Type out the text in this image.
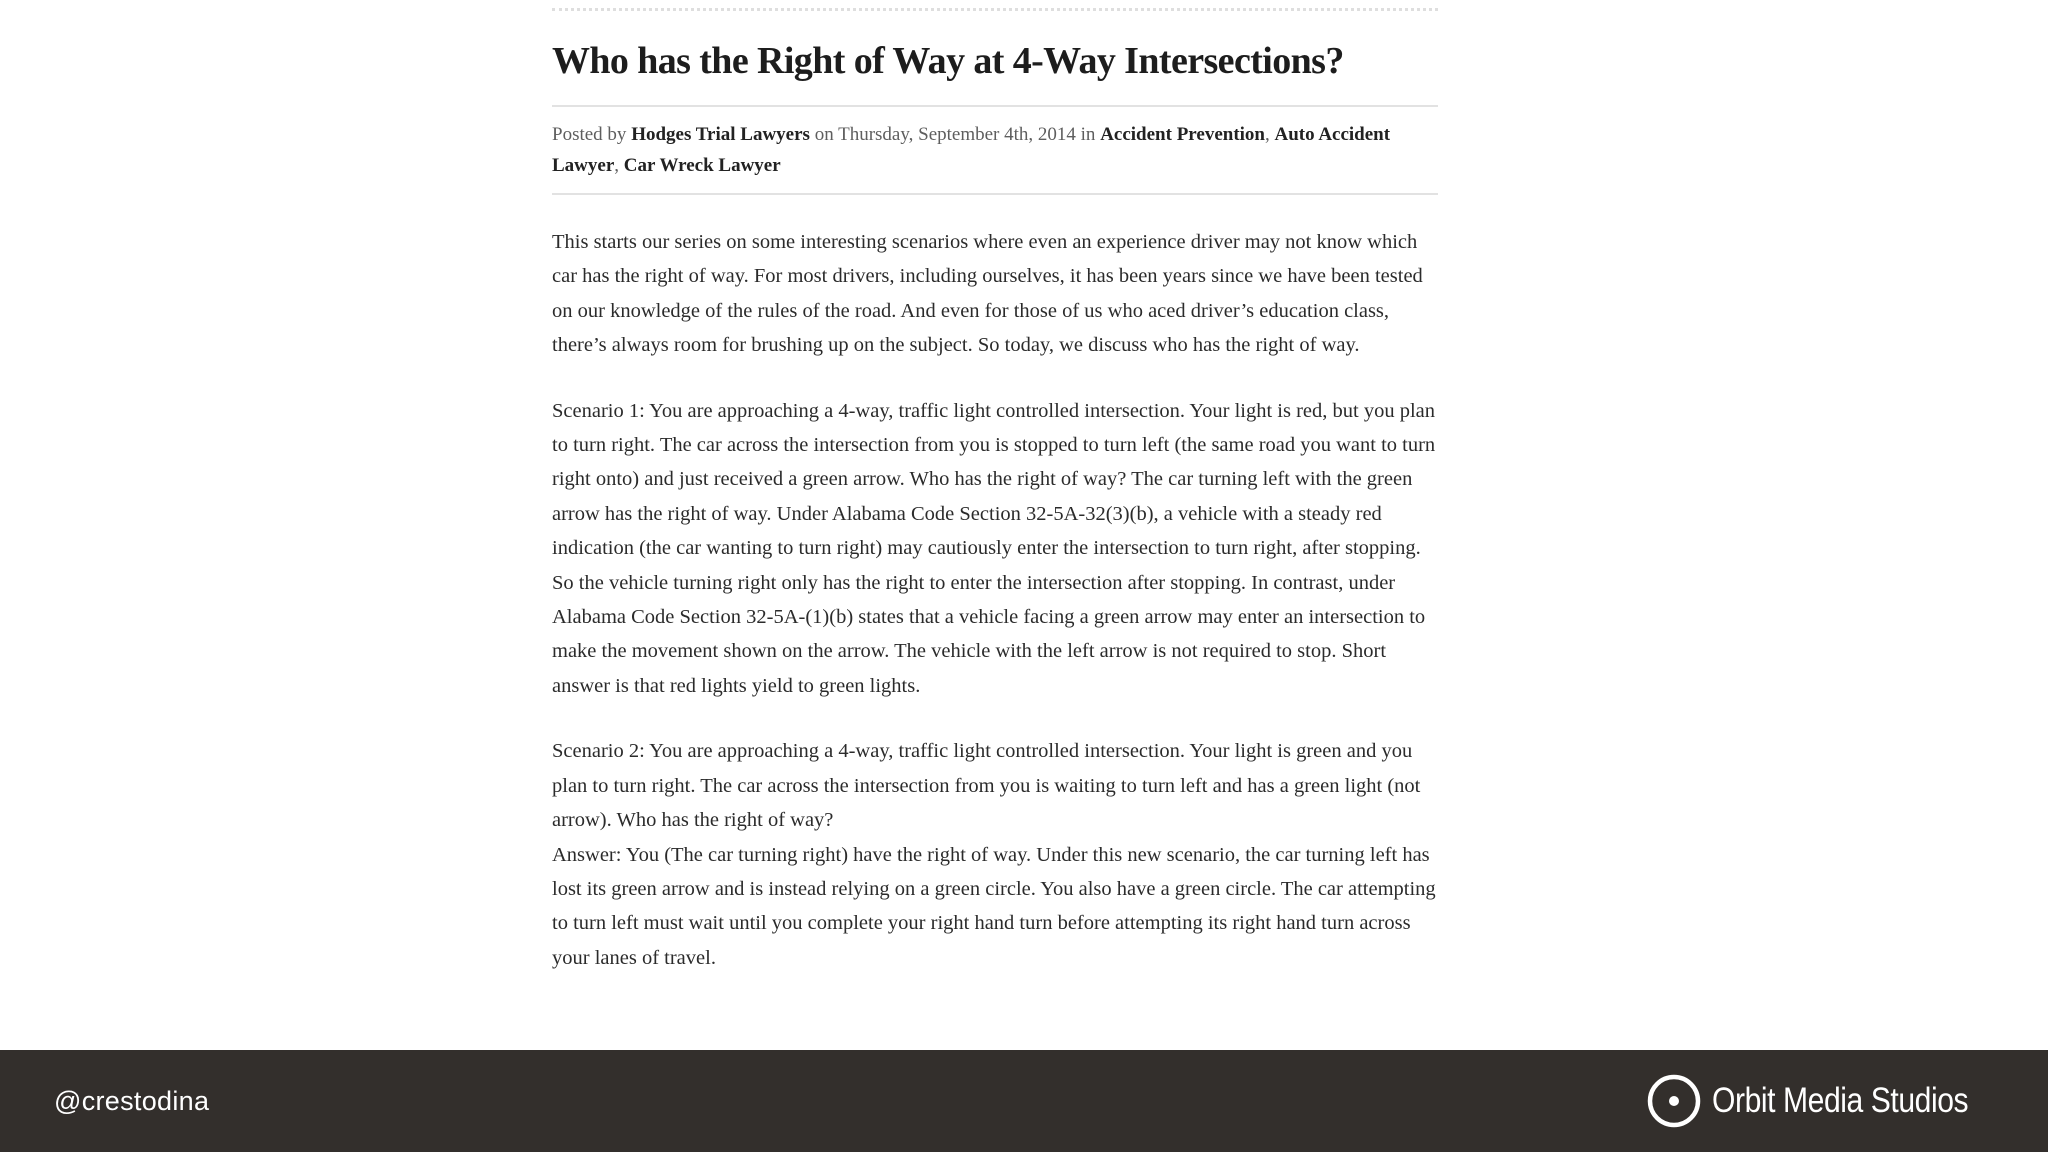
Who has the Right of Way at 4-Way Intersections?
Posted by Hodges Trial Lawyers on Thursday, September 4th, 2014 in Accident Prevention, Auto Accident Lawyer, Car Wreck Lawyer

This starts our series on some interesting scenarios where even an experience driver may not know which car has the right of way. For most drivers, including ourselves, it has been years since we have been tested on our knowledge of the rules of the road. And even for those of us who aced driver’s education class, there’s always room for brushing up on the subject. So today, we discuss who has the right of way.

Scenario 1: You are approaching a 4-way, traffic light controlled intersection. Your light is red, but you plan to turn right. The car across the intersection from you is stopped to turn left (the same road you want to turn right onto) and just received a green arrow. Who has the right of way? The car turning left with the green arrow has the right of way. Under Alabama Code Section 32-5A-32(3)(b), a vehicle with a steady red indication (the car wanting to turn right) may cautiously enter the intersection to turn right, after stopping. So the vehicle turning right only has the right to enter the intersection after stopping. In contrast, under Alabama Code Section 32-5A-(1)(b) states that a vehicle facing a green arrow may enter an intersection to make the movement shown on the arrow. The vehicle with the left arrow is not required to stop. Short answer is that red lights yield to green lights.

Scenario 2: You are approaching a 4-way, traffic light controlled intersection. Your light is green and you plan to turn right. The car across the intersection from you is waiting to turn left and has a green light (not arrow). Who has the right of way?

Answer: You (The car turning right) have the right of way. Under this new scenario, the car turning left has lost its green arrow and is instead relying on a green circle. You also have a green circle. The car attempting to turn left must wait until you complete your right hand turn before attempting its right hand turn across your lanes of travel.

@crestodina	Orbit Media Studios
